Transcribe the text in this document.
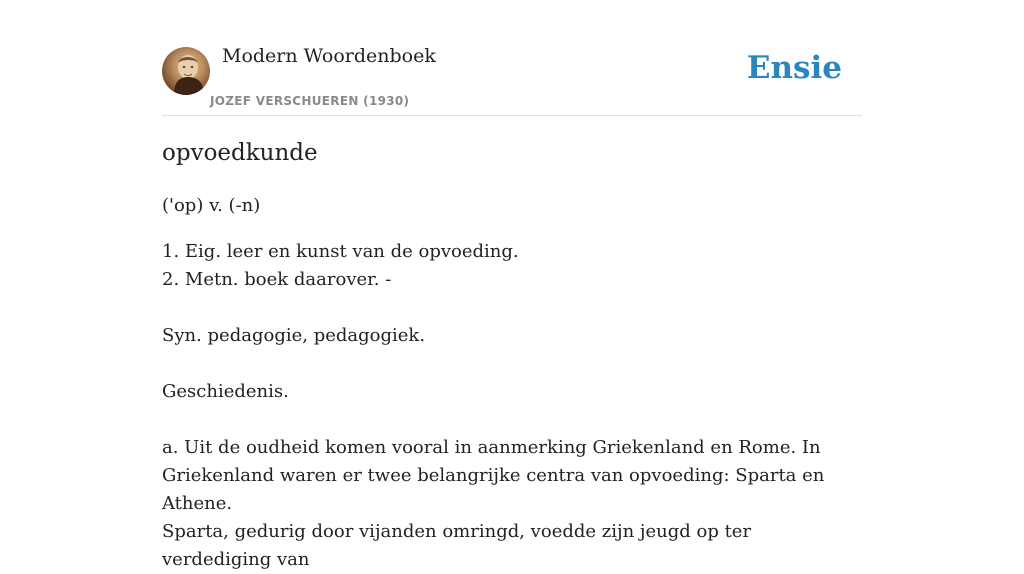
Modern Woordenboek
JOZEF VERSCHUEREN (1930)
Ensie
opvoedkunde

('op) v. (-n)

1. Eig. leer en kunst van de opvoeding.

2. Metn. boek daarover. -

Syn. pedagogie, pedagogiek.

Geschiedenis.

a. Uit de oudheid komen vooral in aanmerking Griekenland en Rome. In

Griekenland waren er twee belangrijke centra van opvoeding: Sparta en Athene.

Sparta, gedurig door vijanden omringd, voedde zijn jeugd op ter verdediging van
